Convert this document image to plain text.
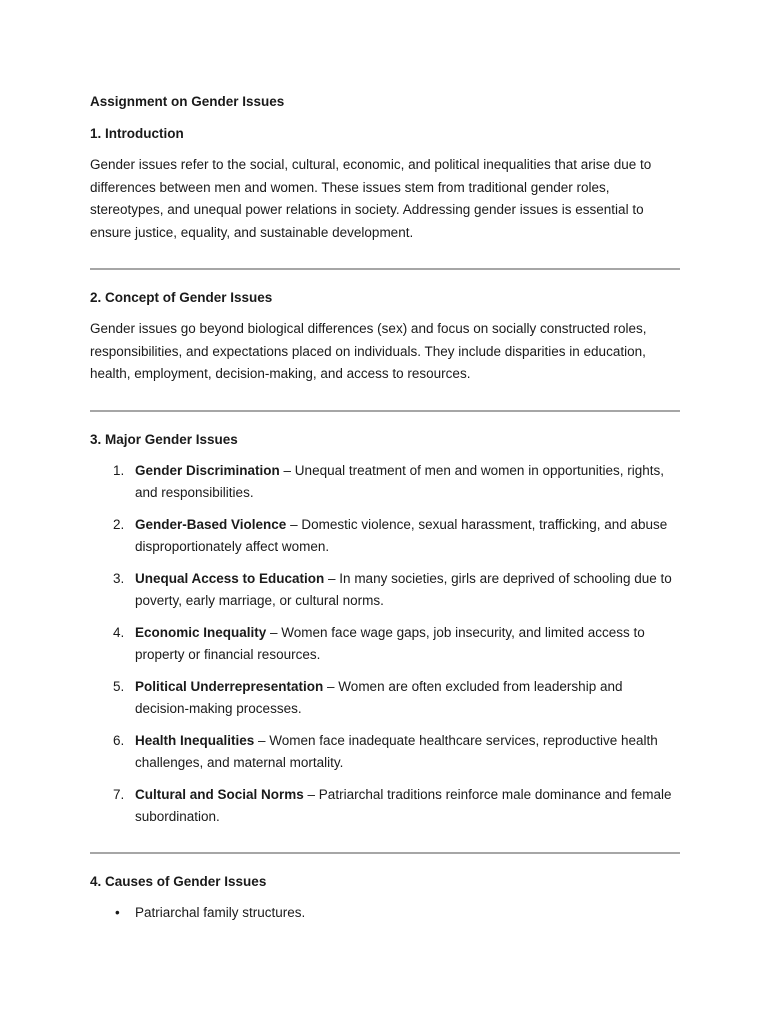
Assignment on Gender Issues
1. Introduction

Gender issues refer to the social, cultural, economic, and political inequalities that arise due to differences between men and women. These issues stem from traditional gender roles, stereotypes, and unequal power relations in society. Addressing gender issues is essential to ensure justice, equality, and sustainable development.

2. Concept of Gender Issues

Gender issues go beyond biological differences (sex) and focus on socially constructed roles, responsibilities, and expectations placed on individuals. They include disparities in education, health, employment, decision-making, and access to resources.

3. Major Gender Issues
1. Gender Discrimination – Unequal treatment of men and women in opportunities, rights, and responsibilities.
2. Gender-Based Violence – Domestic violence, sexual harassment, trafficking, and abuse disproportionately affect women.
3. Unequal Access to Education – In many societies, girls are deprived of schooling due to poverty, early marriage, or cultural norms.
4. Economic Inequality – Women face wage gaps, job insecurity, and limited access to property or financial resources.
5. Political Underrepresentation – Women are often excluded from leadership and decision-making processes.
6. Health Inequalities – Women face inadequate healthcare services, reproductive health challenges, and maternal mortality.
7. Cultural and Social Norms – Patriarchal traditions reinforce male dominance and female subordination.
4. Causes of Gender Issues
• Patriarchal family structures.
